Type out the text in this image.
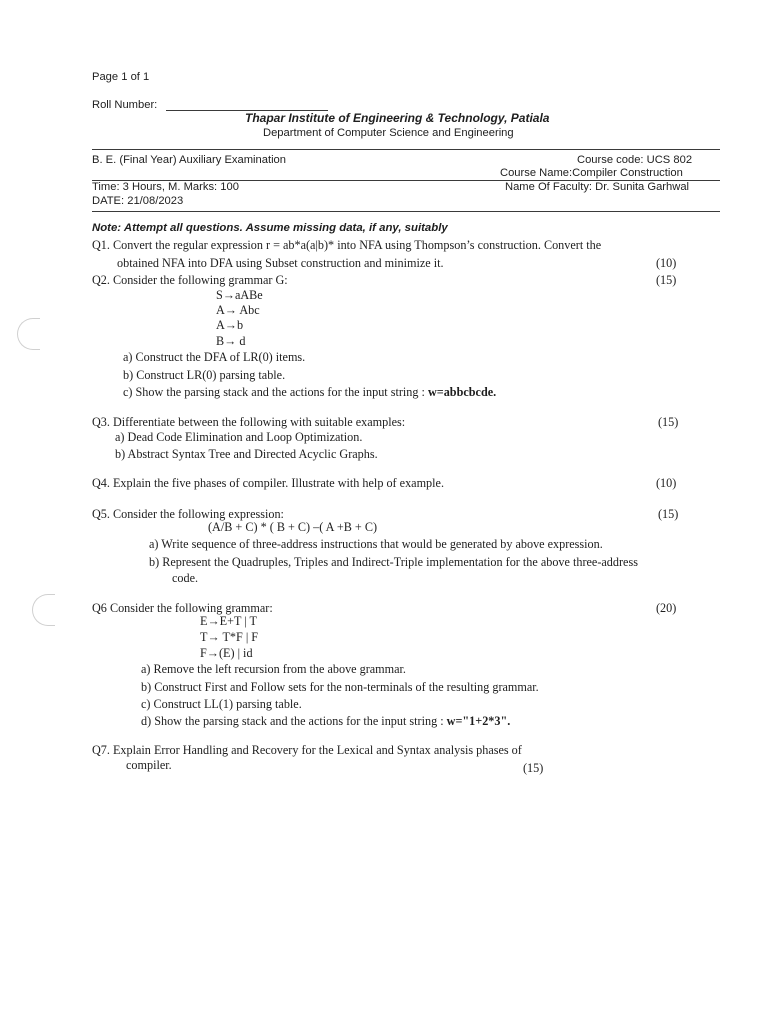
Page 1 of 1
Roll Number:
Thapar Institute of Engineering & Technology, Patiala
Department of Computer Science and Engineering
B. E. (Final Year) Auxiliary Examination	Course code: UCS 802
Course Name:Compiler Construction
Time: 3 Hours, M. Marks: 100	Name Of Faculty: Dr. Sunita Garhwal
DATE: 21/08/2023
Note: Attempt all questions. Assume missing data, if any, suitably
Q1. Convert the regular expression r = ab*a(a|b)* into NFA using Thompson’s construction. Convert the
obtained NFA into DFA using Subset construction and minimize it.	(10)
Q2. Consider the following grammar G:	(15)
S→aABe
A→ Abc
A→b
B→ d
a) Construct the DFA of LR(0) items.
b) Construct LR(0) parsing table.
c) Show the parsing stack and the actions for the input string : w=abbcbcde.
Q3. Differentiate between the following with suitable examples:	(15)
a) Dead Code Elimination and Loop Optimization.
b) Abstract Syntax Tree and Directed Acyclic Graphs.
Q4. Explain the five phases of compiler. Illustrate with help of example.	(10)
Q5. Consider the following expression:	(15)
(A/B + C) * ( B + C) –( A +B + C)
a) Write sequence of three-address instructions that would be generated by above expression.
b) Represent the Quadruples, Triples and Indirect-Triple implementation for the above three-address
code.
Q6 Consider the following grammar:	(20)
E→E+T | T
T→ T*F | F
F→(E) | id
a) Remove the left recursion from the above grammar.
b) Construct First and Follow sets for the non-terminals of the resulting grammar.
c) Construct LL(1) parsing table.
d) Show the parsing stack and the actions for the input string : w="1+2*3".
Q7. Explain Error Handling and Recovery for the Lexical and Syntax analysis phases of
compiler.	(15)
